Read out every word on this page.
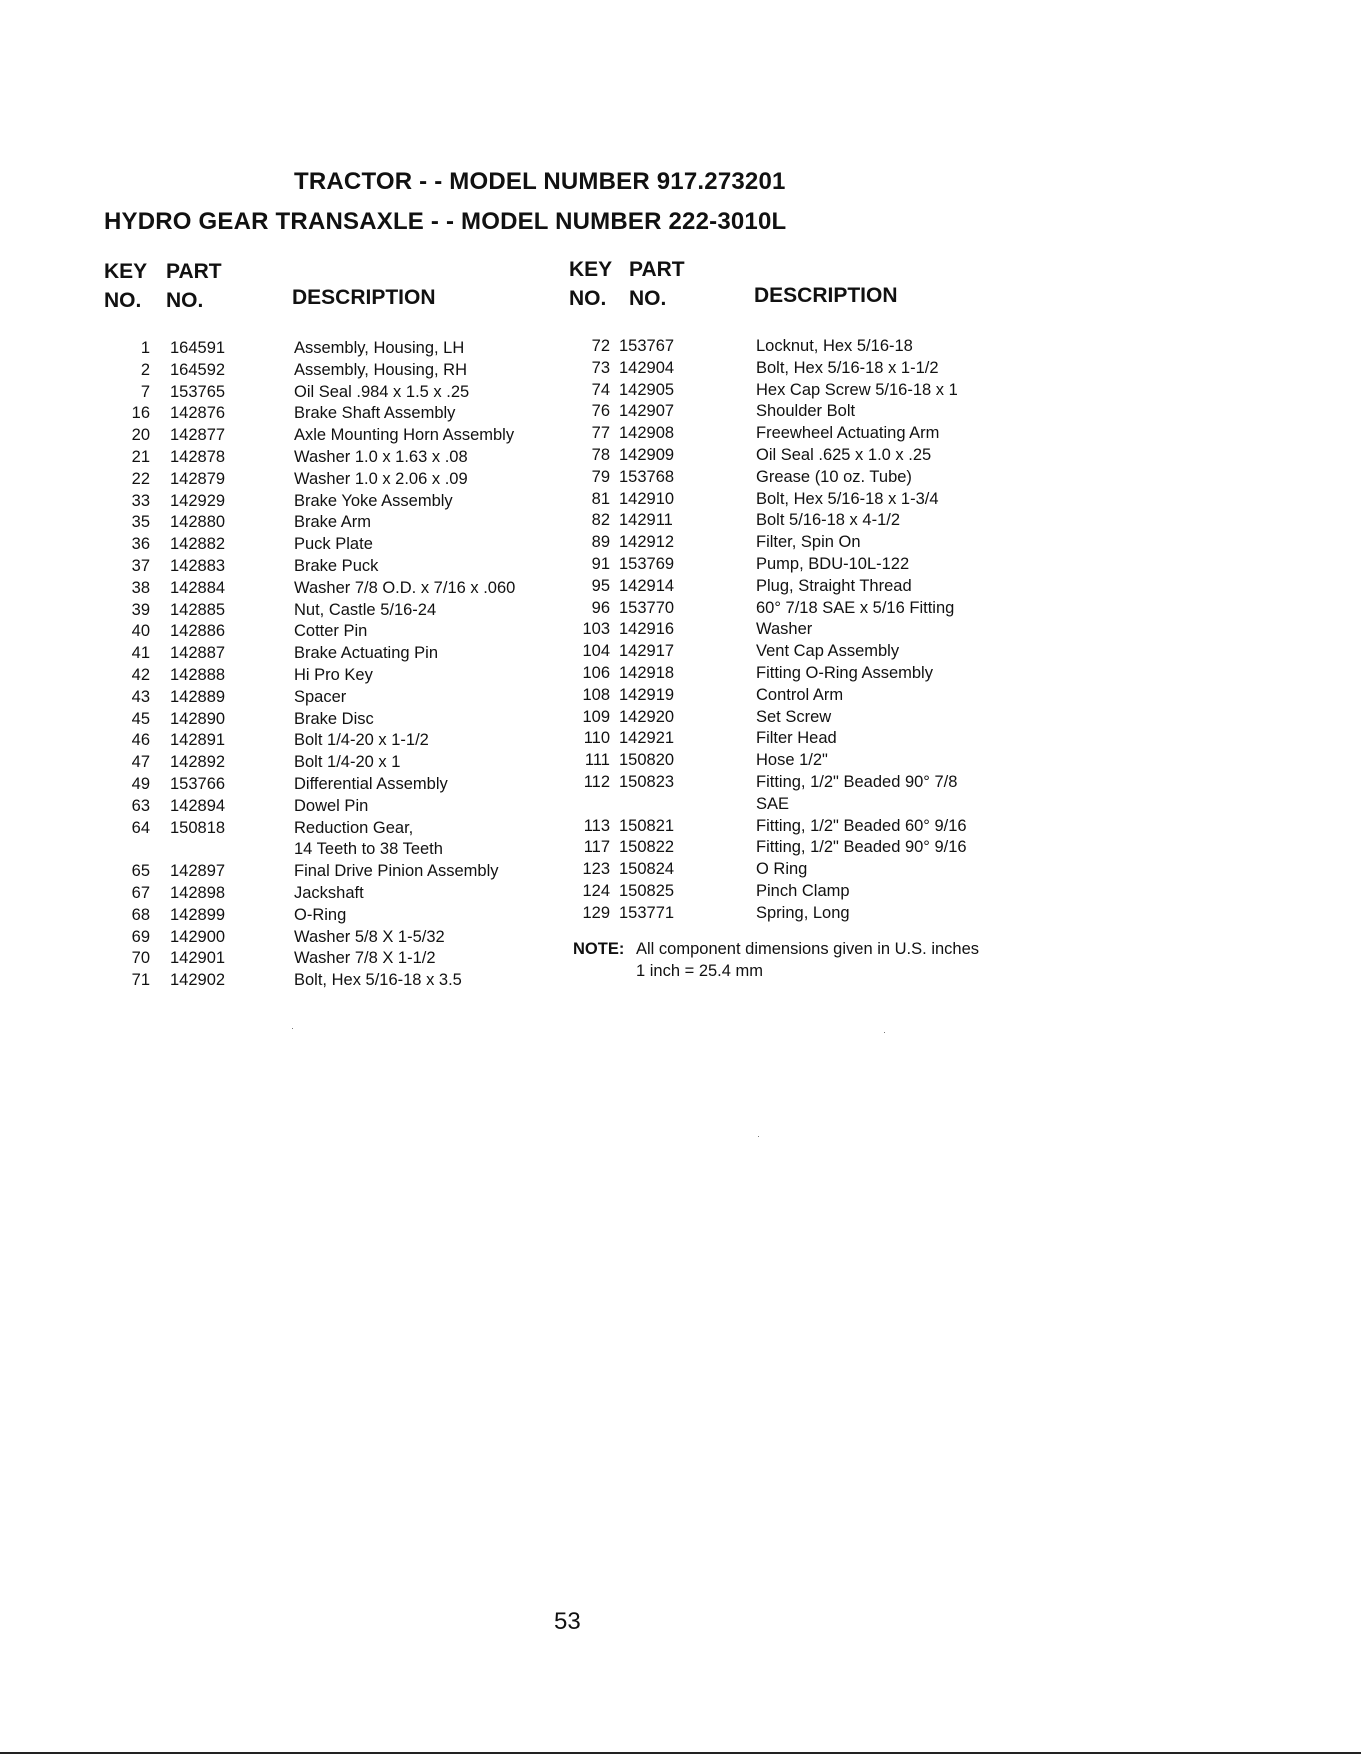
TRACTOR - - MODEL NUMBER 917.273201
HYDRO GEAR TRANSAXLE - - MODEL NUMBER 222-3010L
KEY
NO.
PART
NO.	DESCRIPTION
KEY
NO.
PART
NO.	DESCRIPTION
1 164591	Assembly, Housing, LH
2 164592	Assembly, Housing, RH
7 153765	Oil Seal .984 x 1.5 x .25
16 142876	Brake Shaft Assembly
20 142877	Axle Mounting Horn Assembly
21 142878	Washer 1.0 x 1.63 x .08
22 142879	Washer 1.0 x 2.06 x .09
33 142929	Brake Yoke Assembly
35 142880	Brake Arm
36 142882	Puck Plate
37 142883	Brake Puck
38 142884	Washer 7/8 O.D. x 7/16 x .060
39 142885	Nut, Castle 5/16-24
40 142886	Cotter Pin
41 142887	Brake Actuating Pin
42 142888	Hi Pro Key
43 142889	Spacer
45 142890	Brake Disc
46 142891	Bolt 1/4-20 x 1-1/2
47 142892	Bolt 1/4-20 x 1
49 153766	Differential Assembly
63 142894	Dowel Pin
64 150818	Reduction Gear,
14 Teeth to 38 Teeth
65 142897	Final Drive Pinion Assembly
67 142898	Jackshaft
68 142899	O-Ring
69 142900	Washer 5/8 X 1-5/32
70 142901	Washer 7/8 X 1-1/2
71 142902	Bolt, Hex 5/16-18 x 3.5
72 153767	Locknut, Hex 5/16-18
73 142904	Bolt, Hex 5/16-18 x 1-1/2
74 142905	Hex Cap Screw 5/16-18 x 1
76 142907	Shoulder Bolt
77 142908	Freewheel Actuating Arm
78 142909	Oil Seal .625 x 1.0 x .25
79 153768	Grease (10 oz. Tube)
81 142910	Bolt, Hex 5/16-18 x 1-3/4
82 142911	Bolt 5/16-18 x 4-1/2
89 142912	Filter, Spin On
91 153769	Pump, BDU-10L-122
95 142914	Plug, Straight Thread
96 153770	60° 7/18 SAE x 5/16 Fitting
103 142916	Washer
104 142917	Vent Cap Assembly
106 142918	Fitting O-Ring Assembly
108 142919	Control Arm
109 142920	Set Screw
110 142921	Filter Head
111 150820	Hose 1/2"
112 150823	Fitting, 1/2" Beaded 90° 7/8
SAE
113 150821	Fitting, 1/2" Beaded 60° 9/16
117 150822	Fitting, 1/2" Beaded 90° 9/16
123 150824	O Ring
124 150825	Pinch Clamp
129 153771	Spring, Long
NOTE: All component dimensions given in U.S. inches
1 inch = 25.4 mm
53
